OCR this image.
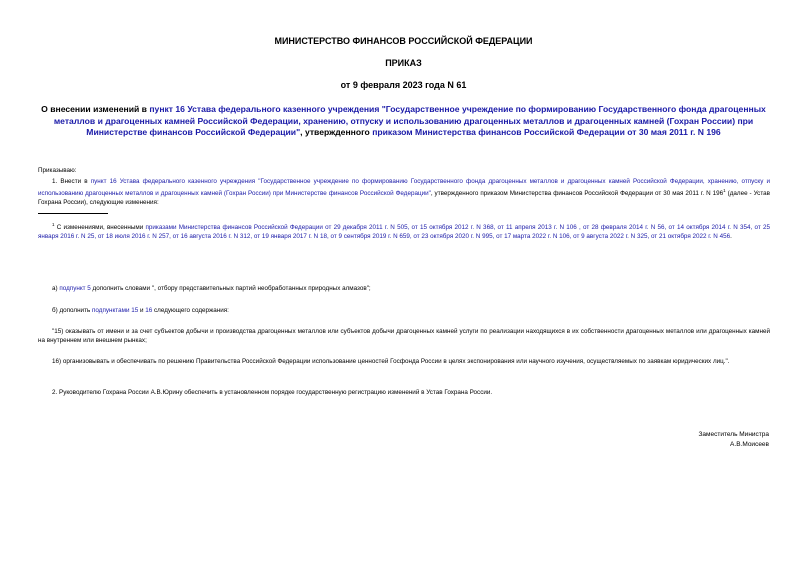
МИНИСТЕРСТВО ФИНАНСОВ РОССИЙСКОЙ ФЕДЕРАЦИИ
ПРИКАЗ
от 9 февраля 2023 года N 61
О внесении изменений в пункт 16 Устава федерального казенного учреждения "Государственное учреждение по формированию Государственного фонда драгоценных металлов и драгоценных камней Российской Федерации, хранению, отпуску и использованию драгоценных металлов и драгоценных камней (Гохран России) при Министерстве финансов Российской Федерации", утвержденного приказом Министерства финансов Российской Федерации от 30 мая 2011 г. N 196

Приказываю:

1. Внести в пункт 16 Устава федерального казенного учреждения "Государственное учреждение по формированию Государственного фонда драгоценных металлов и драгоценных камней Российской Федерации, хранению, отпуску и использованию драгоценных металлов и драгоценных камней (Гохран России) при Министерстве финансов Российской Федерации", утвержденного приказом Министерства финансов Российской Федерации от 30 мая 2011 г. N $196^1$ (далее - Устав Гохрана России), следующие изменения:

$^1$ С изменениями, внесенными приказами Министерства финансов Российской Федерации от 29 декабря 2011 г. N 505, от 15 октября 2012 г. N 368, от 11 апреля 2013 г. N 106 , от 28 февраля 2014 г. N 56, от 14 октября 2014 г. N 354, от 25 января 2016 г. N 25, от 18 июля 2016 г. N 257, от 16 августа 2016 г. N 312, от 19 января 2017 г. N 18, от 9 сентября 2019 г. N 659, от 23 октября 2020 г. N 995, от 17 марта 2022 г. N 106, от 9 августа 2022 г. N 325, от 21 октября 2022 г. N 456.

а) подпункт 5 дополнить словами ", отбору представительных партий необработанных природных алмазов";

б) дополнить подпунктами 15 и 16 следующего содержания:

"15) оказывать от имени и за счет субъектов добычи и производства драгоценных металлов или субъектов добычи драгоценных камней услуги по реализации находящихся в их собственности драгоценных металлов или драгоценных камней на внутреннем или внешнем рынках;

16) организовывать и обеспечивать по решению Правительства Российской Федерации использование ценностей Госфонда России в целях экспонирования или научного изучения, осуществляемых по заявкам юридических лиц.".

2. Руководителю Гохрана России А.В.Юрину обеспечить в установленном порядке государственную регистрацию изменений в Устав Гохрана России.

Заместитель Министра
А.В.Моисеев
